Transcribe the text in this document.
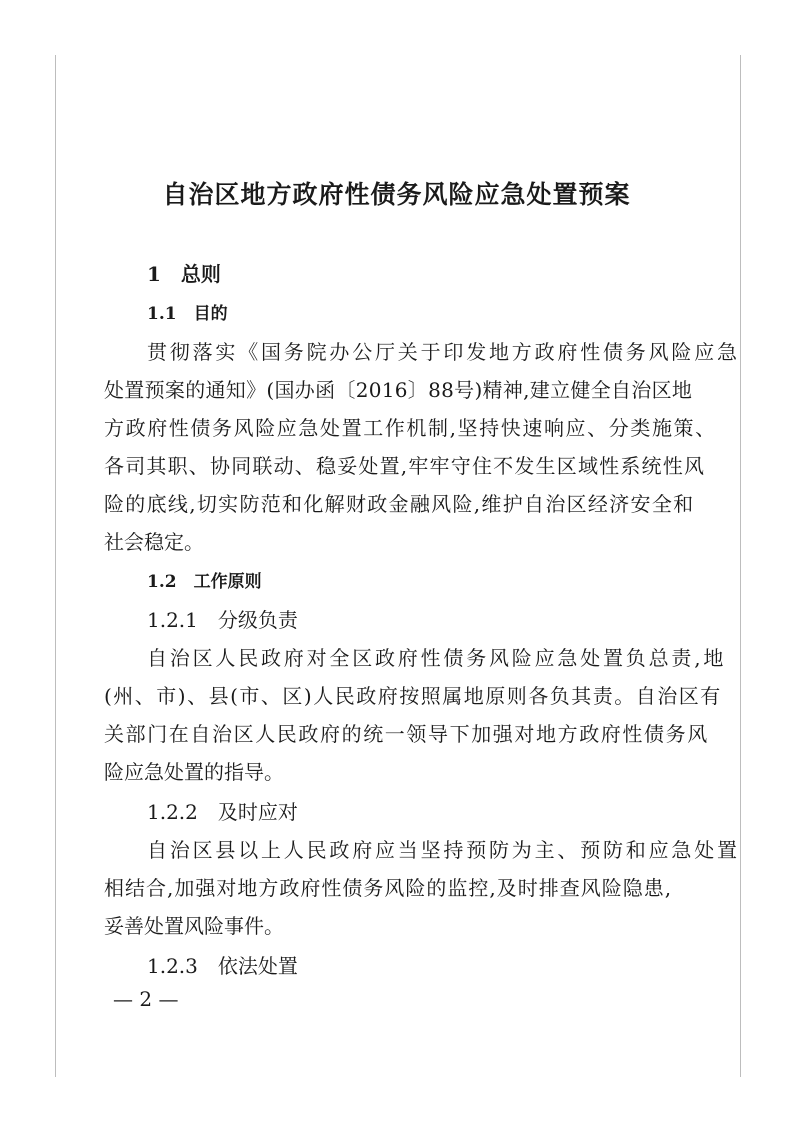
自治区地方政府性债务风险应急处置预案
1　总则
1.1　目的
贯彻落实《国务院办公厅关于印发地方政府性债务风险应急
处置预案的通知》(国办函〔2016〕88号)精神,建立健全自治区地
方政府性债务风险应急处置工作机制,坚持快速响应、分类施策、
各司其职、协同联动、稳妥处置,牢牢守住不发生区域性系统性风
险的底线,切实防范和化解财政金融风险,维护自治区经济安全和
社会稳定。
1.2　工作原则
1.2.1　分级负责
自治区人民政府对全区政府性债务风险应急处置负总责,地
(州、市)、县(市、区)人民政府按照属地原则各负其责。自治区有
关部门在自治区人民政府的统一领导下加强对地方政府性债务风
险应急处置的指导。
1.2.2　及时应对
自治区县以上人民政府应当坚持预防为主、预防和应急处置
相结合,加强对地方政府性债务风险的监控,及时排查风险隐患,
妥善处置风险事件。
1.2.3　依法处置
— 2 —
